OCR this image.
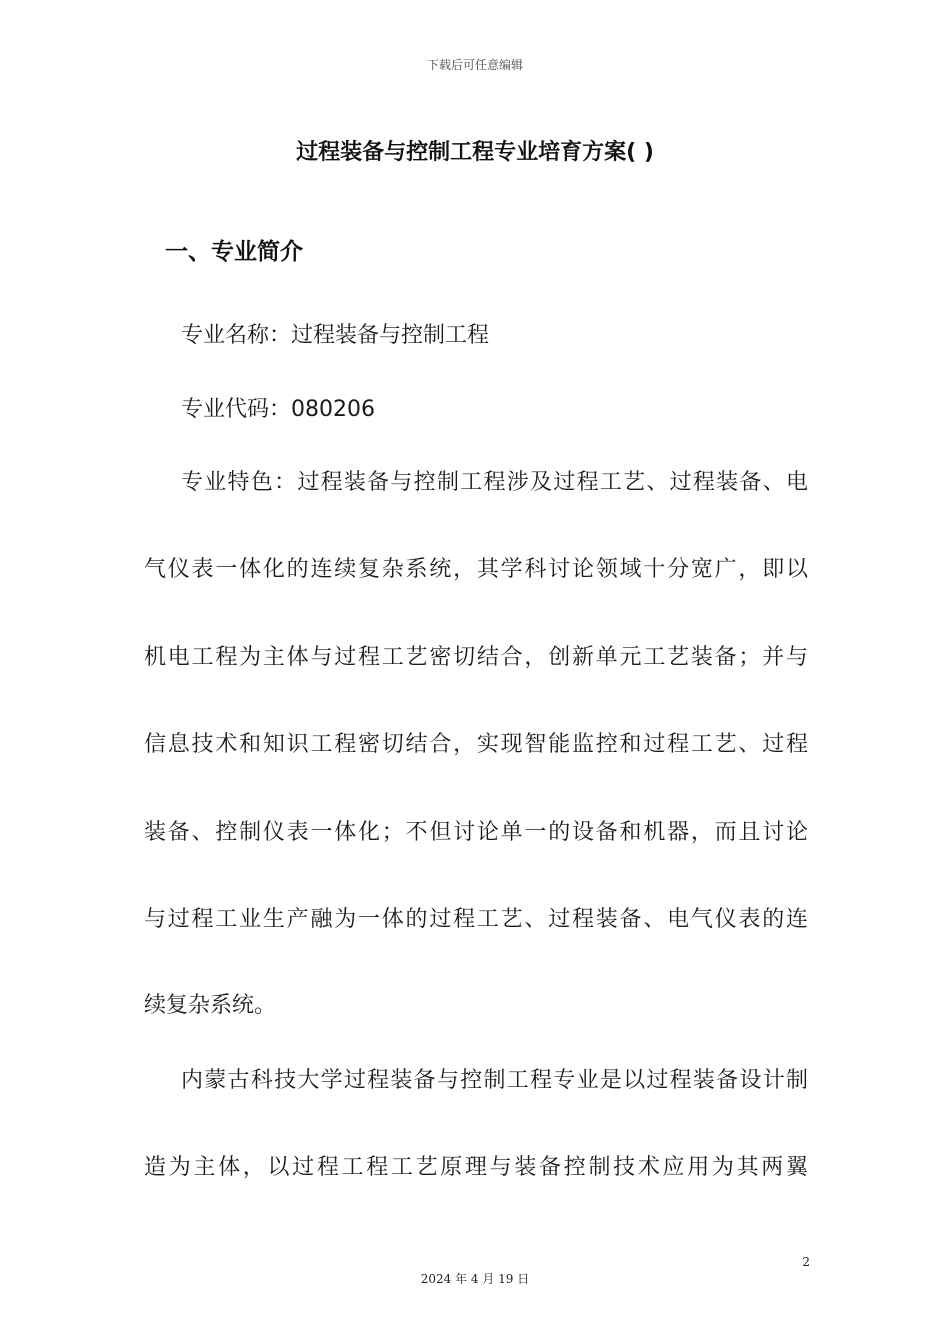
下载后可任意编辑
过程装备与控制工程专业培育方案( )
一、专业简介
专业名称：过程装备与控制工程
专业代码：080206
专业特色：过程装备与控制工程涉及过程工艺、过程装备、电
气仪表一体化的连续复杂系统，其学科讨论领域十分宽广，即以
机电工程为主体与过程工艺密切结合，创新单元工艺装备；并与
信息技术和知识工程密切结合，实现智能监控和过程工艺、过程
装备、控制仪表一体化；不但讨论单一的设备和机器，而且讨论
与过程工业生产融为一体的过程工艺、过程装备、电气仪表的连
续复杂系统。
内蒙古科技大学过程装备与控制工程专业是以过程装备设计制
造为主体，以过程工程工艺原理与装备控制技术应用为其两翼
2
2024 年 4 月 19 日
